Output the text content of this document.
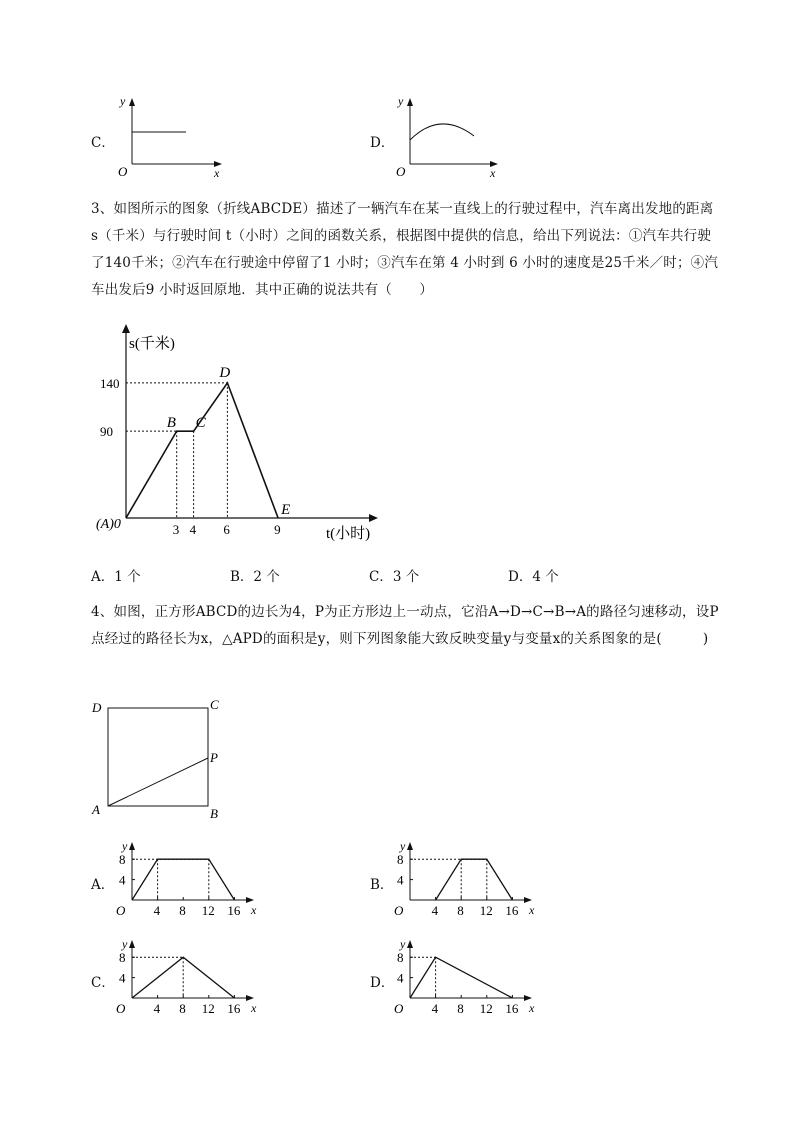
C．
y
O	x
D．
y
O	x
3、如图所示的图象（折线ABCDE）描述了一辆汽车在某一直线上的行驶过程中，汽车离出发地的距离 s（千米）与行驶时间 t（小时）之间的函数关系，根据图中提供的信息，给出下列说法：①汽车共行驶了140千米；②汽车在行驶途中停留了1 小时；③汽车在第 4 小时到 6 小时的速度是25千米／时；④汽车出发后9 小时返回原地．其中正确的说法共有（　　）
B C
D
E
3 4 6	9
90
140
s(千米)
t(小时)
(A)0
A．1 个	B．2 个	C．3 个	D．4 个
4、如图，正方形ABCD的边长为4，P为正方形边上一动点，它沿A→D→C→B→A的路径匀速移动，设P点经过的路径长为x，△APD的面积是y，则下列图象能大致反映变量y与变量x的关系图象的是(　　　)
D	C
P
A	B
A．
4 8 12 16
4
8
y
O	x
B．
4 8 12 16
4
8
y
O	x
C．
4 8 12 16
4
8
y
O	x
D．
4 8 12 16
4
8
y
O	x
